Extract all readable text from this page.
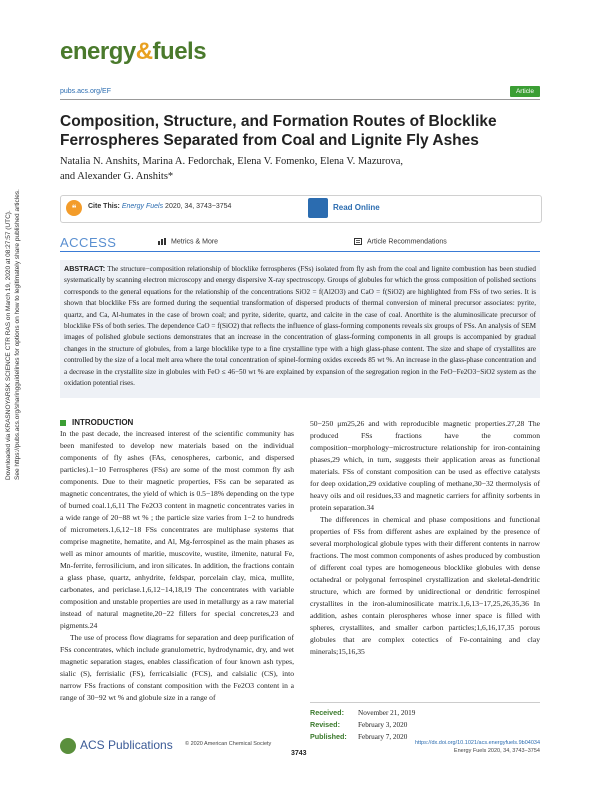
energy&fuels
pubs.acs.org/EF	Article
Composition, Structure, and Formation Routes of Blocklike Ferrospheres Separated from Coal and Lignite Fly Ashes
Natalia N. Anshits, Marina A. Fedorchak, Elena V. Fomenko, Elena V. Mazurova,
and Alexander G. Anshits*
❝	Cite This: Energy Fuels 2020, 34, 3743−3754	Read Online
ACCESS	Metrics & More	Article Recommendations
ABSTRACT: The structure−composition relationship of blocklike ferrospheres (FSs) isolated from fly ash from the coal and lignite combustion has been studied systematically by scanning electron microscopy and energy dispersive X-ray spectroscopy. Groups of globules for which the gross composition of polished sections corresponds to the general equations for the relationship of the concentrations SiO2 = f(Al2O3) and CaO = f(SiO2) are highlighted from FSs of two series. It is shown that blocklike FSs are formed during the sequential transformation of dispersed products of thermal conversion of mineral precursor associates: pyrite, quartz, and Ca, Al-humates in the case of brown coal; and pyrite, siderite, quartz, and calcite in the case of coal. Anorthite is the aluminosilicate precursor of blocklike FSs of both series. The dependence CaO = f(SiO2) that reflects the influence of glass-forming components reveals six groups of FSs. An analysis of SEM images of polished globule sections demonstrates that an increase in the concentration of glass-forming components in all groups is accompanied by gradual changes in the structure of globules, from a large blocklike type to a fine crystalline type with a high glass-phase content. The size and shape of crystallites are controlled by the size of a local melt area where the total concentration of spinel-forming oxides exceeds 85 wt %. An increase in the glass-phase concentration and a decrease in the crystallite size in globules with FeO ≤ 46−50 wt % are explained by expansion of the segregation region in the FeO−Fe2O3−SiO2 system as the oxidation potential rises.
Downloaded via KRASNOYARSK SCIENCE CTR RAS on March 19, 2020 at 08:27:57 (UTC). See https://pubs.acs.org/sharingguidelines for options on how to legitimately share published articles.	INTRODUCTION

In the past decade, the increased interest of the scientific community has been manifested to develop new materials based on the individual components of fly ashes (FAs, cenospheres, carbonic, and dispersed particles).1−10 Ferrospheres (FSs) are some of the most common fly ash components. Due to their magnetic properties, FSs can be separated as magnetic concentrates, the yield of which is 0.5−18% depending on the type of burned coal.1,6,11 The Fe2O3 content in magnetic concentrates varies in a wide range of 20−88 wt % ; the particle size varies from 1−2 to hundreds of micrometers.1,6,12−18 FSs concentrates are multiphase systems that comprise magnetite, hematite, and Al, Mg-ferrospinel as the main phases as well as minor amounts of maritie, muscovite, wustite, ilmenite, natural Fe, Mn-ferrite, ferrosilicium, and iron silicates. In addition, the fractions contain a glass phase, quartz, anhydrite, feldspar, porcelain clay, mica, mullite, carbonates, and periclase.1,6,12−14,18,19 The concentrates with variable composition and unstable properties are used in metallurgy as a raw material instead of natural magnetite,20−22 fillers for special concretes,23 and pigments.24

The use of process flow diagrams for separation and deep purification of FSs concentrates, which include granulometric, hydrodynamic, dry, and wet magnetic separation stages, enables classification of four known ash types, sialic (S), ferrisialic (FS), ferricalsialic (FCS), and calsialic (CS), into narrow FSs fractions of constant composition with the Fe2O3 content in a range of 30−92 wt % and globule size in a range of

50−250 μm25,26 and with reproducible magnetic properties.27,28 The produced FSs fractions have the common composition−morphology−microstructure relationship for iron-containing phases,29 which, in turn, suggests their application areas as functional materials. FSs of constant composition can be used as effective catalysts for deep oxidation,29 oxidative coupling of methane,30−32 thermolysis of heavy oils and oil residues,33 and magnetic carriers for affinity sorbents in protein separation.34

The differences in chemical and phase compositions and functional properties of FSs from different ashes are explained by the presence of several morphological globule types with their different contents in narrow fractions. The most common components of ashes produced by combustion of different coal types are homogeneous blocklike globules with dense octahedral or polygonal ferrospinel crystallization and skeletal-dendritic structure, which are formed by unidirectional or dendritic ferrospinel crystallites in the iron-aluminosilicate matrix.1,6,13−17,25,26,35,36 In addition, ashes contain plerospheres whose inner space is filled with spheres, crystallites, and smaller carbon particles;1,6,16,17,35 porous globules that are complex cotectics of Fe-containing and clay minerals;15,16,35

Received: November 21, 2019
Revised:	February 3, 2020
Published: February 7, 2020
ACS Publications © 2020 American Chemical Society
3743
https://dx.doi.org/10.1021/acs.energyfuels.9b04034
Energy Fuels 2020, 34, 3743−3754
